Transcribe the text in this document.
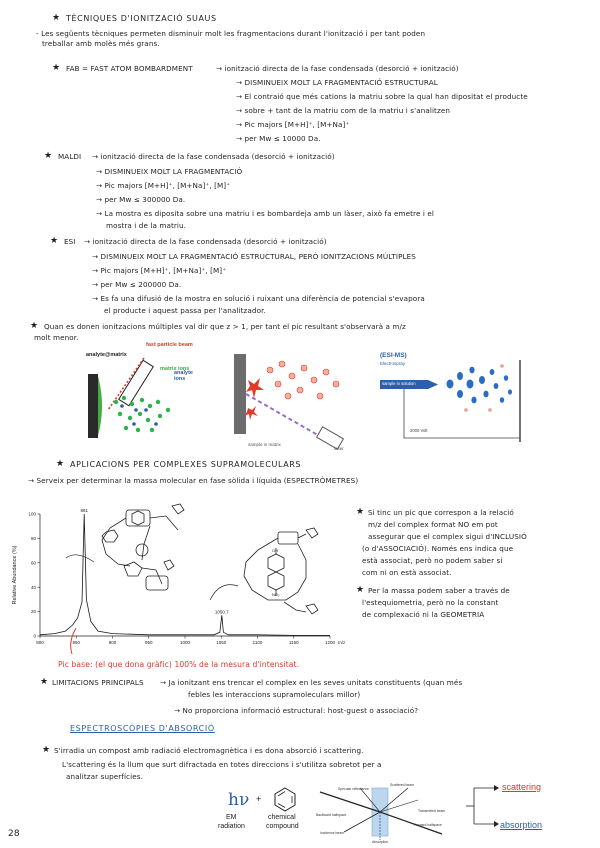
★ TÈCNIQUES D'IONITZACIÓ SUAUS
- Les següents tècniques permeten disminuir molt les fragmentacions durant l'ionització i per tant poden
treballar amb molès més grans.
★ FAB = FAST ATOM BOMBARDMENT	→ ionització directa de la fase condensada (desorció + ionització)
→ DISMINUEIX MOLT LA FRAGMENTACIÓ ESTRUCTURAL
→ El contraió que més cations la matriu sobre la qual han dipositat el producte
→ sobre + tant de la matriu com de la matriu i s'analitzen
→ Pic majors [M+H]⁺, [M+Na]⁺
→ per Mw ≤ 10000 Da.
★ MALDI → ionització directa de la fase condensada (desorció + ionització)
→ DISMINUEIX MOLT LA FRAGMENTACIÓ
→ Pic majors [M+H]⁺, [M+Na]⁺, [M]⁺
→ per Mw ≤ 300000 Da.
→ La mostra es diposita sobre una matriu i es bombardeja amb un làser, això fa emetre i el
mostra i de la matriu.
★ ESI → ionització directa de la fase condensada (desorció + ionització)
→ DISMINUEIX MOLT LA FRAGMENTACIÓ ESTRUCTURAL, PERÒ IONITZACIONS MÚLTIPLES
→ Pic majors [M+H]⁺, [M+Na]⁺, [M]⁺
→ per Mw ≤ 200000 Da.
→ Es fa una difusió de la mostra en solució i ruixant una diferència de potencial s'evapora
el producte i aquest passa per l'analitzador.
★ Quan es donen ionitzacions múltiples val dir que z > 1, per tant el pic resultant s'observarà a m/z
molt menor.
analyte@matrix
fast particle beam
matrix ions
analyte ions
sample in matrix
laser
(ESI-MS)
Electrospray
sample in solution
3000 Volt
★ APLICACIONS PER COMPLEXES SUPRAMOLECULARS
→ Serveix per determinar la massa molecular en fase sòlida i líquida (ESPECTRÒMETRES)
800	850	900	950	1000	1050	1100	1150	1200
0
20
40
60
80
100
Relative Abundance (%)
m/z
OH
NO₂
861
1050.7
★ Si tinc un pic que correspon a la relació
m/z del complex format NO em pot
assegurar que el complex sigui d'INCLUSIÓ
(o d'ASSOCIACIÓ). Només ens indica que
està associat, però no podem saber si
com ni on està associat.
★ Per la massa podem saber a través de
l'estequiometria, però no la constant
de complexació ni la GEOMETRIA
Pic base: (el que dona gràfic) 100% de la mesura d'intensitat.
★ LIMITACIONS PRINCIPALS → Ja ionitzant ens trencar el complex en les seves unitats constituents (quan més
febles les interaccions supramoleculars millor)
→ No proporciona informació estructural: host-guest o associació?
ESPECTROSCÒPIES D'ABSORCIÓ
★ S'irradia un compost amb radiació electromagnètica i es dona absorció i scattering.
L'scattering és la llum que surt difractada en totes direccions i s'utilitza sobretot per a
analitzar superfícies.
hν +
EM
radiation
chemical
compound
Specular reflectance
Backward halfspace
Incidence beam
Transmitted beam
Forward halfspace
Absorption
Scattered beam	scattering
absorption
28
